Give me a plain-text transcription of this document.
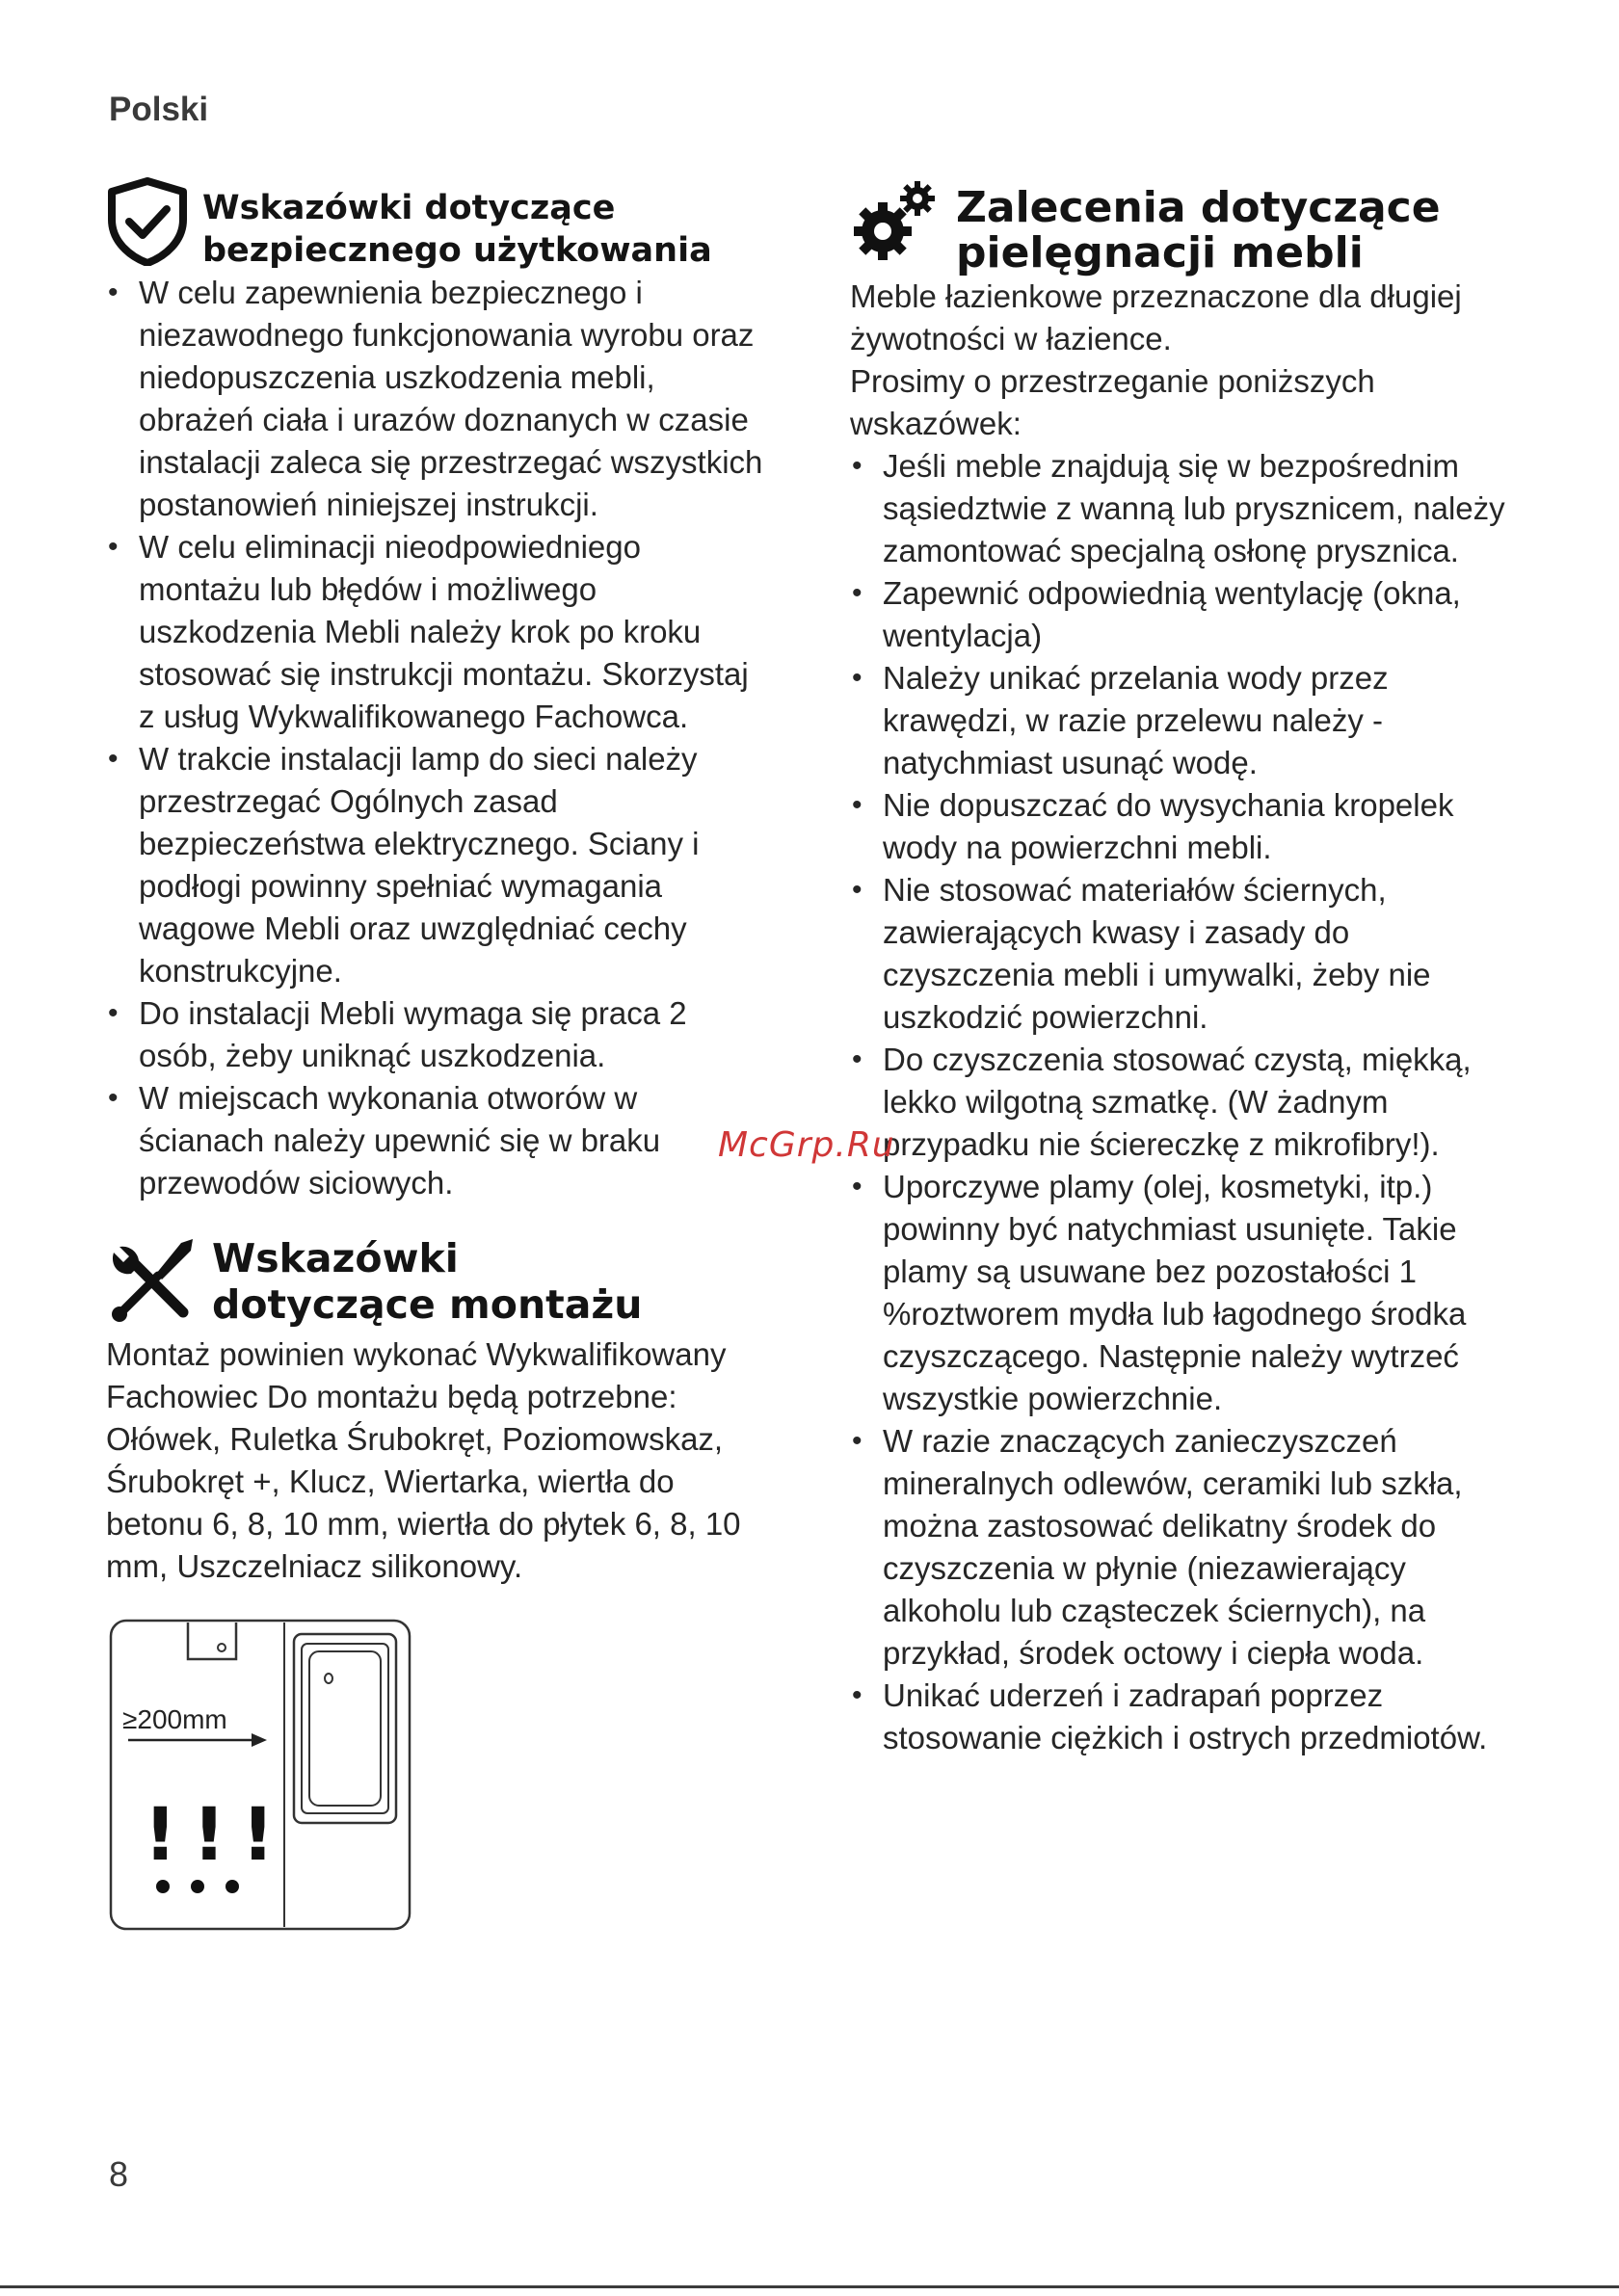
Polski
Wskazówki dotyczące
bezpiecznego użytkowania
• W celu zapewnienia bezpiecznego i niezawodnego funkcjonowania wyrobu oraz niedopuszczenia uszkodzenia mebli, obrażeń ciała i urazów doznanych w czasie instalacji zaleca się przestrzegać wszystkich postanowień niniejszej instrukcji.
• W celu eliminacji nieodpowiedniego montażu lub błędów i możliwego uszkodzenia Mebli należy krok po kroku stosować się instrukcji montażu. Skorzystaj z usług Wykwalifikowanego Fachowca.
• W trakcie instalacji lamp do sieci należy przestrzegać Ogólnych zasad bezpieczeństwa elektrycznego. Sciany i podłogi powinny spełniać wymagania wagowe Mebli oraz uwzględniać cechy konstrukcyjne.
• Do instalacji Mebli wymaga się praca 2 osób, żeby uniknąć uszkodzenia.
• W miejscach wykonania otworów w ścianach należy upewnić się w braku przewodów siciowych.
Wskazówki
dotyczące montażu

Montaż powinien wykonać Wykwalifikowany Fachowiec Do montażu będą potrzebne: Ołówek, Ruletka Śrubokręt, Poziomowskaz, Śrubokręt +, Klucz, Wiertarka, wiertła do betonu 6, 8, 10 mm, wiertła do płytek 6, 8, 10 mm, Uszczelniacz silikonowy.

≥200mm
!!!
Zalecenia dotyczące
pielęgnacji mebli

Meble łazienkowe przeznaczone dla długiej żywotności w łazience.

Prosimy o przestrzeganie poniższych wskazówek:

• Jeśli meble znajdują się w bezpośrednim sąsiedztwie z wanną lub prysznicem, należy zamontować specjalną osłonę prysznica.
• Zapewnić odpowiednią wentylację (okna, wentylacja)
• Należy unikać przelania wody przez krawędzi, w razie przelewu należy - natychmiast usunąć wodę.
• Nie dopuszczać do wysychania kropelek wody na powierzchni mebli.
• Nie stosować materiałów ściernych, zawierających kwasy i zasady do czyszczenia mebli i umywalki, żeby nie uszkodzić powierzchni.
• Do czyszczenia stosować czystą, miękką, lekko wilgotną szmatkę. (W żadnym przypadku nie ściereczkę z mikrofibry!).
• Uporczywe plamy (olej, kosmetyki, itp.) powinny być natychmiast usunięte. Takie plamy są usuwane bez pozostałości 1 %roztworem mydła lub łagodnego środka czyszczącego. Następnie należy wytrzeć wszystkie powierzchnie.
• W razie znaczących zanieczyszczeń mineralnych odlewów, ceramiki lub szkła, można zastosować delikatny środek do czyszczenia w płynie (niezawierający alkoholu lub cząsteczek ściernych), na przykład, środek octowy i ciepła woda.
• Unikać uderzeń i zadrapań poprzez stosowanie ciężkich i ostrych przedmiotów.
McGrp.Ru
8
